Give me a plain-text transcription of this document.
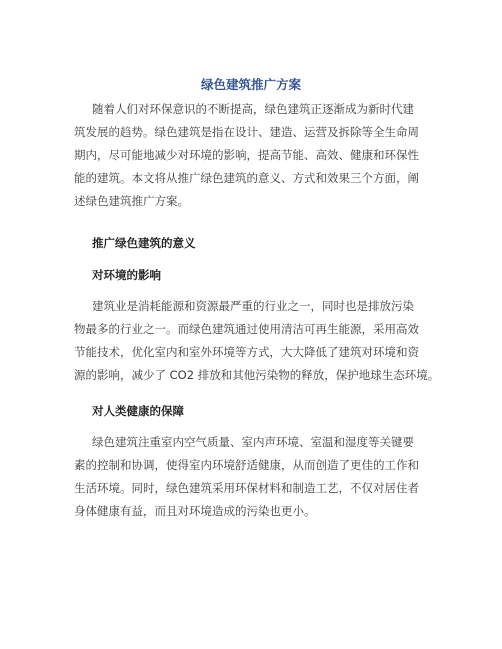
绿色建筑推广方案
随着人们对环保意识的不断提高，绿色建筑正逐渐成为新时代建
筑发展的趋势。绿色建筑是指在设计、建造、运营及拆除等全生命周
期内，尽可能地减少对环境的影响，提高节能、高效、健康和环保性
能的建筑。本文将从推广绿色建筑的意义、方式和效果三个方面，阐
述绿色建筑推广方案。
推广绿色建筑的意义
对环境的影响
建筑业是消耗能源和资源最严重的行业之一，同时也是排放污染
物最多的行业之一。而绿色建筑通过使用清洁可再生能源，采用高效
节能技术，优化室内和室外环境等方式，大大降低了建筑对环境和资
源的影响，减少了 CO2 排放和其他污染物的释放，保护地球生态环境。
对人类健康的保障
绿色建筑注重室内空气质量、室内声环境、室温和湿度等关键要
素的控制和协调，使得室内环境舒适健康，从而创造了更佳的工作和
生活环境。同时，绿色建筑采用环保材料和制造工艺，不仅对居住者
身体健康有益，而且对环境造成的污染也更小。
